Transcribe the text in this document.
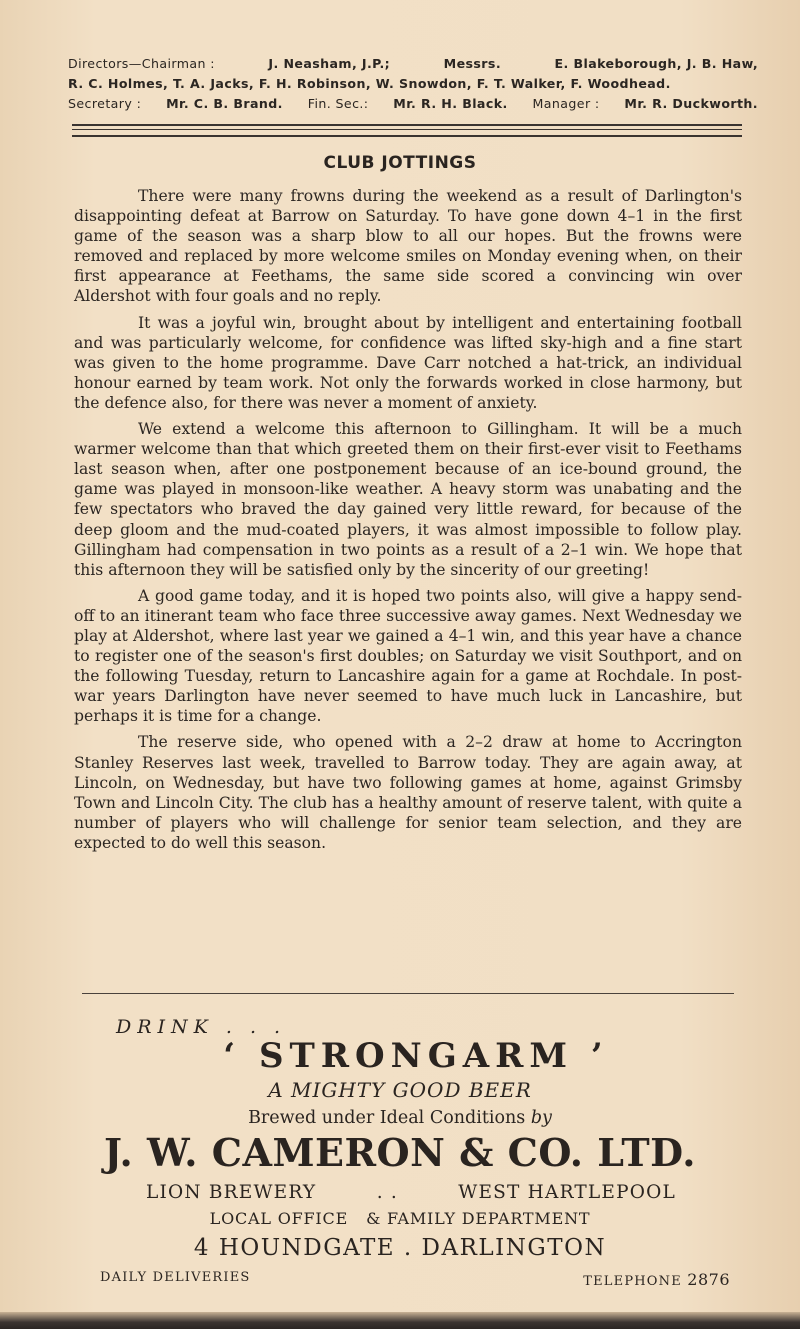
Directors—Chairman :	J. Neasham, J.P.;	Messrs.	E. Blakeborough, J. B. Haw,
R. C. Holmes, T. A. Jacks, F. H. Robinson, W. Snowdon, F. T. Walker, F. Woodhead.
Secretary : Mr. C. B. Brand. Fin. Sec.: Mr. R. H. Black. Manager : Mr. R. Duckworth.
CLUB JOTTINGS

There were many frowns during the weekend as a result of Darlington's disappointing defeat at Barrow on Saturday. To have gone down 4–1 in the first game of the season was a sharp blow to all our hopes. But the frowns were removed and replaced by more welcome smiles on Monday evening when, on their first appearance at Feethams, the same side scored a convincing win over Aldershot with four goals and no reply.

It was a joyful win, brought about by intelligent and entertaining football and was particularly welcome, for confidence was lifted sky-high and a fine start was given to the home programme. Dave Carr notched a hat-trick, an individual honour earned by team work. Not only the forwards worked in close harmony, but the defence also, for there was never a moment of anxiety.

We extend a welcome this afternoon to Gillingham. It will be a much warmer welcome than that which greeted them on their first-ever visit to Feethams last season when, after one postponement because of an ice-bound ground, the game was played in monsoon-like weather. A heavy storm was unabating and the few spectators who braved the day gained very little reward, for because of the deep gloom and the mud-coated players, it was almost impossible to follow play. Gillingham had compensation in two points as a result of a 2–1 win. We hope that this afternoon they will be satisfied only by the sincerity of our greeting!

A good game today, and it is hoped two points also, will give a happy send-off to an itinerant team who face three successive away games. Next Wednesday we play at Aldershot, where last year we gained a 4–1 win, and this year have a chance to register one of the season's first doubles; on Saturday we visit Southport, and on the following Tuesday, return to Lancashire again for a game at Rochdale. In post-war years Darlington have never seemed to have much luck in Lancashire, but perhaps it is time for a change.

The reserve side, who opened with a 2–2 draw at home to Accrington Stanley Reserves last week, travelled to Barrow today. They are again away, at Lincoln, on Wednesday, but have two following games at home, against Grimsby Town and Lincoln City. The club has a healthy amount of reserve talent, with quite a number of players who will challenge for senior team selection, and they are expected to do well this season.

DRINK . . .
‘ STRONGARM ’
A MIGHTY GOOD BEER
Brewed under Ideal Conditions by
J. W. CAMERON & CO. LTD.
LION BREWERY	. .	WEST HARTLEPOOL
LOCAL OFFICE & FAMILY DEPARTMENT
4 HOUNDGATE . DARLINGTON
DAILY DELIVERIES	TELEPHONE 2876
